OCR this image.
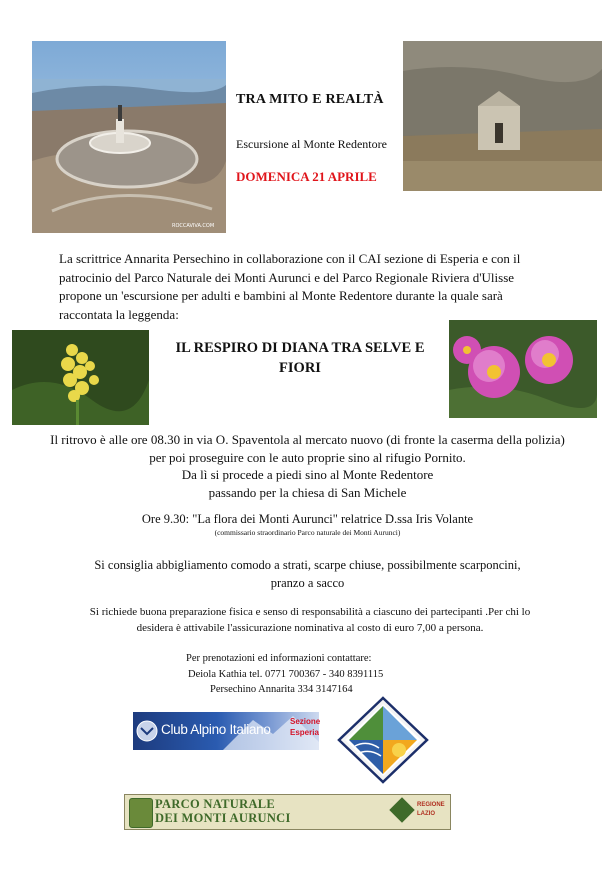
ROCCAVIVA.COM
TRA MITO E REALTÀ
Escursione al Monte Redentore
DOMENICA 21 APRILE
La scrittrice Annarita Persechino in collaborazione con il CAI sezione di Esperia e con il patrocinio del Parco Naturale dei Monti Aurunci e del Parco Regionale Riviera d'Ulisse propone un 'escursione per adulti e bambini al Monte Redentore durante la quale sarà raccontata la leggenda:
IL RESPIRO DI DIANA TRA SELVE E
FIORI
Il ritrovo è alle ore 08.30 in via O. Spaventola al mercato nuovo (di fronte la caserma della polizia)
per poi proseguire con le auto proprie sino al rifugio Pornito.
Da lì si procede a piedi sino al Monte Redentore
passando per la chiesa di San Michele
Ore 9.30: "La flora dei Monti Aurunci" relatrice D.ssa Iris Volante
(commissario straordinario Parco naturale dei Monti Aurunci)
Si consiglia abbigliamento comodo a strati, scarpe chiuse, possibilmente scarponcini,
pranzo a sacco
Si richiede buona preparazione fisica e senso di responsabilità a ciascuno dei partecipanti .Per chi lo
desidera è attivabile l'assicurazione nominativa al costo di euro 7,00 a persona.
Per prenotazioni ed informazioni contattare:
Deiola Kathia tel. 0771 700367 - 340 8391115
Persechino Annarita 334 3147164
Club Alpino Italiano
Sezione
Esperia
PARCO NATURALE
DEI MONTI AURUNCI
REGIONE
LAZIO
